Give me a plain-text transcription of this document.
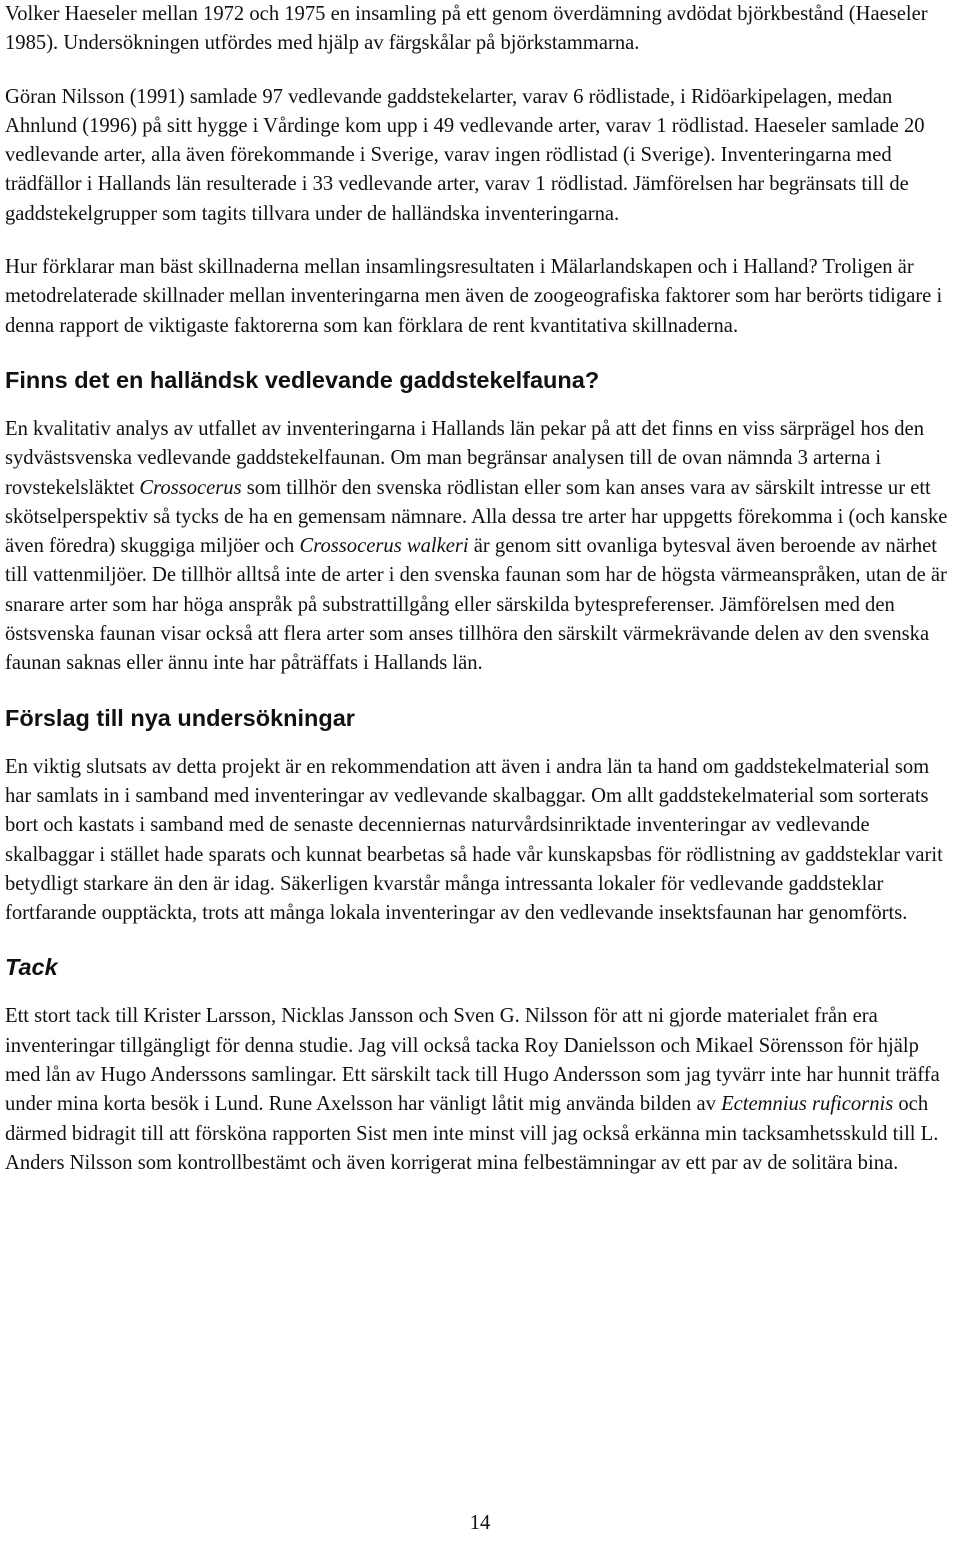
Volker Haeseler mellan 1972 och 1975 en insamling på ett genom överdämning avdödat björkbestånd (Haeseler 1985). Undersökningen utfördes med hjälp av färgskålar på björkstammarna.

Göran Nilsson (1991) samlade 97 vedlevande gaddstekelarter, varav 6 rödlistade, i Ridöarkipelagen, medan Ahnlund (1996) på sitt hygge i Vårdinge kom upp i 49 vedlevande arter, varav 1 rödlistad. Haeseler samlade 20 vedlevande arter, alla även förekommande i Sverige, varav ingen rödlistad (i Sverige). Inventeringarna med trädfällor i Hallands län resulterade i 33 vedlevande arter, varav 1 rödlistad. Jämförelsen har begränsats till de gaddstekelgrupper som tagits tillvara under de halländska inventeringarna.

Hur förklarar man bäst skillnaderna mellan insamlingsresultaten i Mälarlandskapen och i Halland? Troligen är metodrelaterade skillnader mellan inventeringarna men även de zoogeografiska faktorer som har berörts tidigare i denna rapport de viktigaste faktorerna som kan förklara de rent kvantitativa skillnaderna.

Finns det en halländsk vedlevande gaddstekelfauna?

En kvalitativ analys av utfallet av inventeringarna i Hallands län pekar på att det finns en viss särprägel hos den sydvästsvenska vedlevande gaddstekelfaunan. Om man begränsar analysen till de ovan nämnda 3 arterna i rovstekelsläktet Crossocerus som tillhör den svenska rödlistan eller som kan anses vara av särskilt intresse ur ett skötselperspektiv så tycks de ha en gemensam nämnare. Alla dessa tre arter har uppgetts förekomma i (och kanske även föredra) skuggiga miljöer och Crossocerus walkeri är genom sitt ovanliga bytesval även beroende av närhet till vattenmiljöer. De tillhör alltså inte de arter i den svenska faunan som har de högsta värmeanspråken, utan de är snarare arter som har höga anspråk på substrattillgång eller särskilda bytespreferenser. Jämförelsen med den östsvenska faunan visar också att flera arter som anses tillhöra den särskilt värmekrävande delen av den svenska faunan saknas eller ännu inte har påträffats i Hallands län.

Förslag till nya undersökningar

En viktig slutsats av detta projekt är en rekommendation att även i andra län ta hand om gaddstekelmaterial som har samlats in i samband med inventeringar av vedlevande skalbaggar. Om allt gaddstekelmaterial som sorterats bort och kastats i samband med de senaste decenniernas naturvårdsinriktade inventeringar av vedlevande skalbaggar i stället hade sparats och kunnat bearbetas så hade vår kunskapsbas för rödlistning av gaddsteklar varit betydligt starkare än den är idag. Säkerligen kvarstår många intressanta lokaler för vedlevande gaddsteklar fortfarande oupptäckta, trots att många lokala inventeringar av den vedlevande insektsfaunan har genomförts.

Tack

Ett stort tack till Krister Larsson, Nicklas Jansson och Sven G. Nilsson för att ni gjorde materialet från era inventeringar tillgängligt för denna studie. Jag vill också tacka Roy Danielsson och Mikael Sörensson för hjälp med lån av Hugo Anderssons samlingar. Ett särskilt tack till Hugo Andersson som jag tyvärr inte har hunnit träffa under mina korta besök i Lund. Rune Axelsson har vänligt låtit mig använda bilden av Ectemnius ruficornis och därmed bidragit till att försköna rapporten Sist men inte minst vill jag också erkänna min tacksamhetsskuld till L. Anders Nilsson som kontrollbestämt och även korrigerat mina felbestämningar av ett par av de solitära bina.

14
